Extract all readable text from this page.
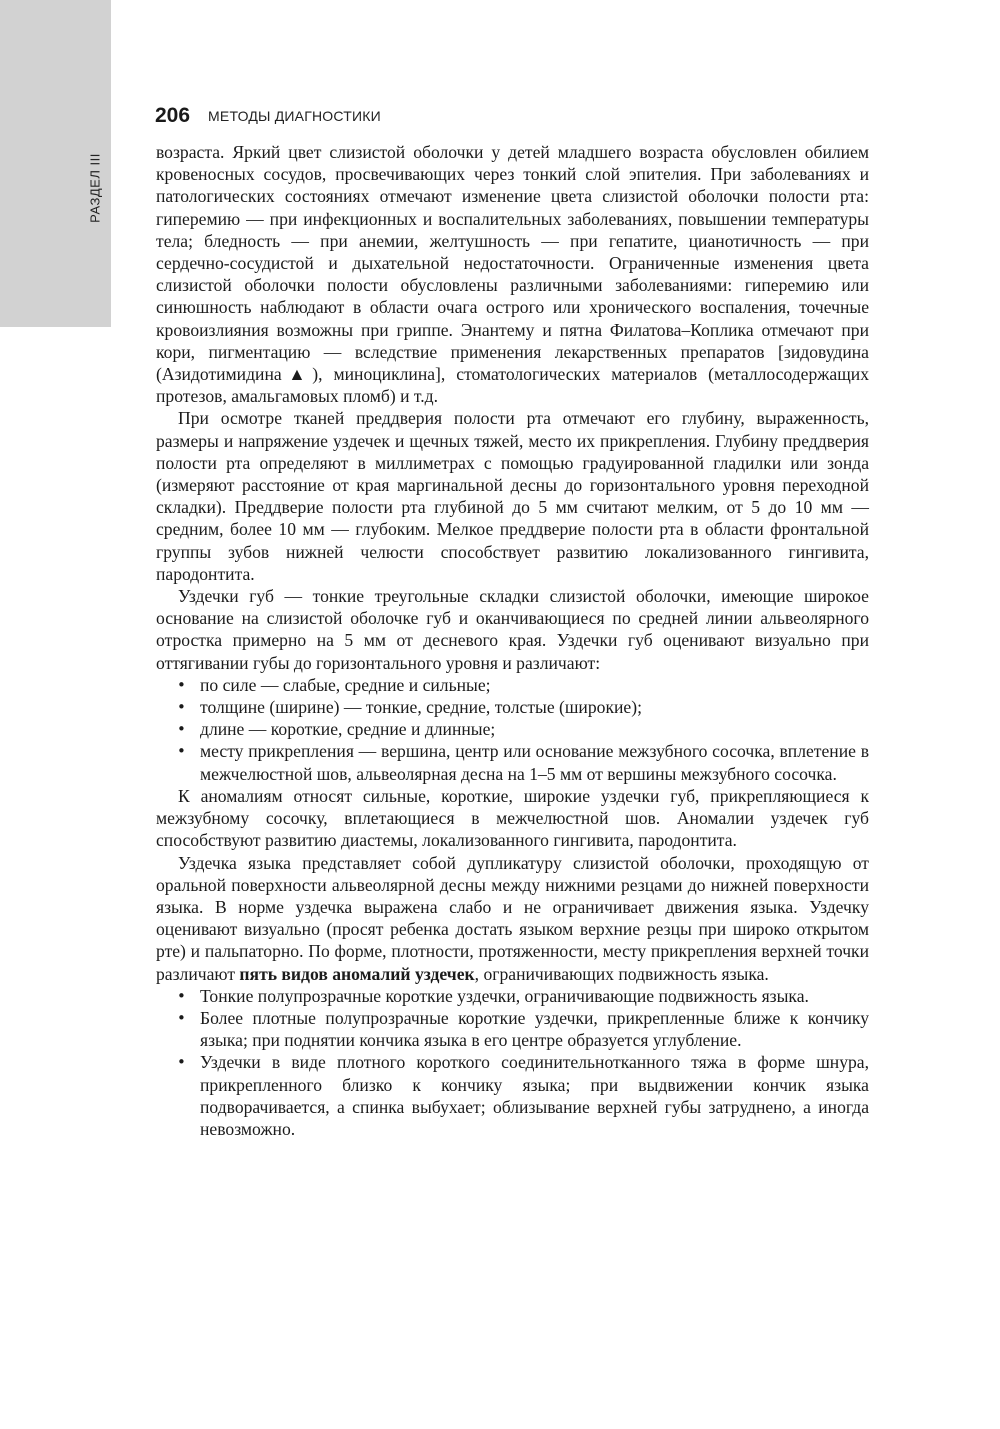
РАЗДЕЛ III
206 МЕТОДЫ ДИАГНОСТИКИ

возраста. Яркий цвет слизистой оболочки у детей младшего возраста обусловлен обилием кровеносных сосудов, просвечивающих через тонкий слой эпителия. При заболеваниях и патологических состояниях отмечают изменение цвета слизистой оболочки полости рта: гиперемию — при инфекционных и воспалительных заболеваниях, повышении температуры тела; бледность — при анемии, желтушность — при гепатите, цианотичность — при сердечно-сосудистой и дыхательной недостаточности. Ограниченные изменения цвета слизистой оболочки полости обусловлены различными заболеваниями: гиперемию или синюшность наблюдают в области очага острого или хронического воспаления, точечные кровоизлияния возможны при гриппе. Энантему и пятна Филатова–Коплика отмечают при кори, пигментацию — вследствие применения лекарственных препаратов [зидовудина (Азидотимидина▲), миноциклина], стоматологических материалов (металлосодержащих протезов, амальгамовых пломб) и т.д.

При осмотре тканей преддверия полости рта отмечают его глубину, выраженность, размеры и напряжение уздечек и щечных тяжей, место их прикрепления. Глубину преддверия полости рта определяют в миллиметрах с помощью градуированной гладилки или зонда (измеряют расстояние от края маргинальной десны до горизонтального уровня переходной складки). Преддверие полости рта глубиной до 5 мм считают мелким, от 5 до 10 мм — средним, более 10 мм — глубоким. Мелкое преддверие полости рта в области фронтальной группы зубов нижней челюсти способствует развитию локализованного гингивита, пародонтита.

Уздечки губ — тонкие треугольные складки слизистой оболочки, имеющие широкое основание на слизистой оболочке губ и оканчивающиеся по средней линии альвеолярного отростка примерно на 5 мм от десневого края. Уздечки губ оценивают визуально при оттягивании губы до горизонтального уровня и различают:

• по силе — слабые, средние и сильные;
• толщине (ширине) — тонкие, средние, толстые (широкие);
• длине — короткие, средние и длинные;
• месту прикрепления — вершина, центр или основание межзубного сосочка, вплетение в межчелюстной шов, альвеолярная десна на 1–5 мм от вершины межзубного сосочка.

К аномалиям относят сильные, короткие, широкие уздечки губ, прикрепляющиеся к межзубному сосочку, вплетающиеся в межчелюстной шов. Аномалии уздечек губ способствуют развитию диастемы, локализованного гингивита, пародонтита.

Уздечка языка представляет собой дупликатуру слизистой оболочки, проходящую от оральной поверхности альвеолярной десны между нижними резцами до нижней поверхности языка. В норме уздечка выражена слабо и не ограничивает движения языка. Уздечку оценивают визуально (просят ребенка достать языком верхние резцы при широко открытом рте) и пальпаторно. По форме, плотности, протяженности, месту прикрепления верхней точки различают пять видов аномалий уздечек, ограничивающих подвижность языка.

• Тонкие полупрозрачные короткие уздечки, ограничивающие подвижность языка.
• Более плотные полупрозрачные короткие уздечки, прикрепленные ближе к кончику языка; при поднятии кончика языка в его центре образуется углубление.
• Уздечки в виде плотного короткого соединительнотканного тяжа в форме шнура, прикрепленного близко к кончику языка; при выдвижении кончик языка подворачивается, а спинка выбухает; облизывание верхней губы затруднено, а иногда невозможно.
